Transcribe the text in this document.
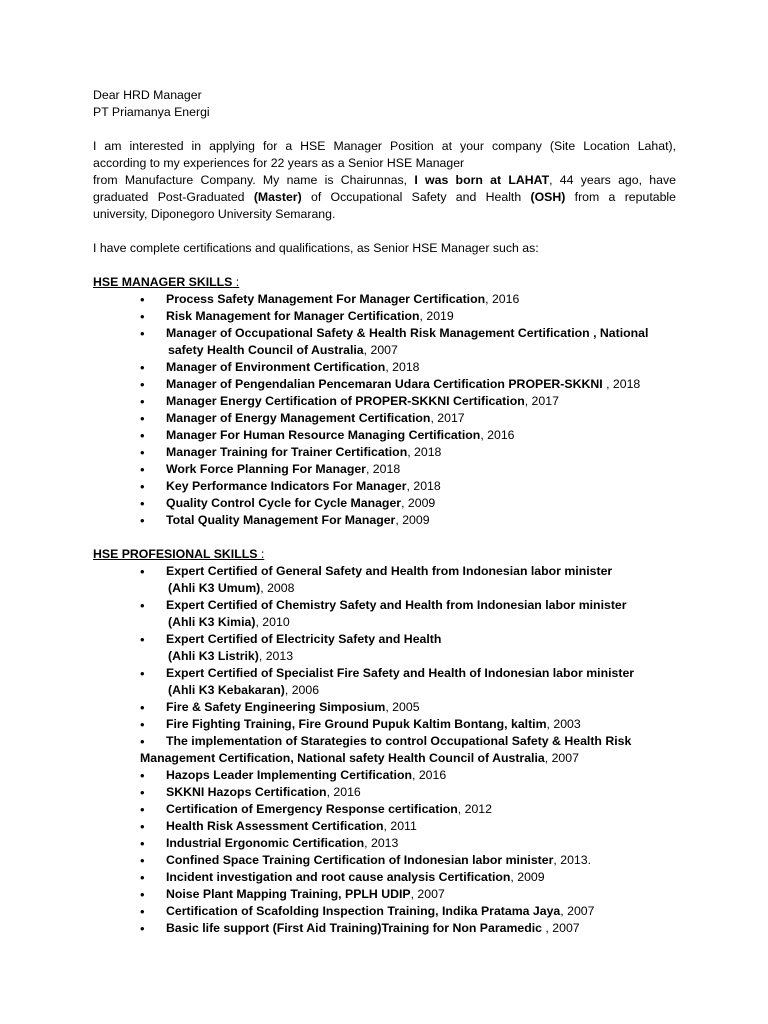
Dear HRD Manager

PT Priamanya Energi

I am interested in applying for a HSE Manager Position at your company (Site Location Lahat),
according to my experiences for 22 years as a Senior HSE Manager
from Manufacture Company. My name is Chairunnas, I was born at LAHAT, 44 years ago, have
graduated Post-Graduated (Master) of Occupational Safety and Health (OSH) from a reputable
university, Diponegoro University Semarang.

I have complete certifications and qualifications, as Senior HSE Manager such as:

HSE MANAGER SKILLS :
• Process Safety Management For Manager Certification, 2016
• Risk Management for Manager Certification, 2019
• Manager of Occupational Safety & Health Risk Management Certification , National
safety Health Council of Australia, 2007
• Manager of Environment Certification, 2018
• Manager of Pengendalian Pencemaran Udara Certification PROPER-SKKNI , 2018
• Manager Energy Certification of PROPER-SKKNI Certification, 2017
• Manager of Energy Management Certification, 2017
• Manager For Human Resource Managing Certification, 2016
• Manager Training for Trainer Certification, 2018
• Work Force Planning For Manager, 2018
• Key Performance Indicators For Manager, 2018
• Quality Control Cycle for Cycle Manager, 2009
• Total Quality Management For Manager, 2009
HSE PROFESIONAL SKILLS :
• Expert Certified of General Safety and Health from Indonesian labor minister
(Ahli K3 Umum), 2008
• Expert Certified of Chemistry Safety and Health from Indonesian labor minister
(Ahli K3 Kimia), 2010
• Expert Certified of Electricity Safety and Health
(Ahli K3 Listrik), 2013
• Expert Certified of Specialist Fire Safety and Health of Indonesian labor minister
(Ahli K3 Kebakaran), 2006
• Fire & Safety Engineering Simposium, 2005
• Fire Fighting Training, Fire Ground Pupuk Kaltim Bontang, kaltim, 2003
• The implementation of Starategies to control Occupational Safety & Health Risk
Management Certification, National safety Health Council of Australia, 2007
• Hazops Leader Implementing Certification, 2016
• SKKNI Hazops Certification, 2016
• Certification of Emergency Response certification, 2012
• Health Risk Assessment Certification, 2011
• Industrial Ergonomic Certification, 2013
• Confined Space Training Certification of Indonesian labor minister, 2013.
• Incident investigation and root cause analysis Certification, 2009
• Noise Plant Mapping Training, PPLH UDIP, 2007
• Certification of Scafolding Inspection Training, Indika Pratama Jaya, 2007
• Basic life support (First Aid Training)Training for Non Paramedic , 2007
